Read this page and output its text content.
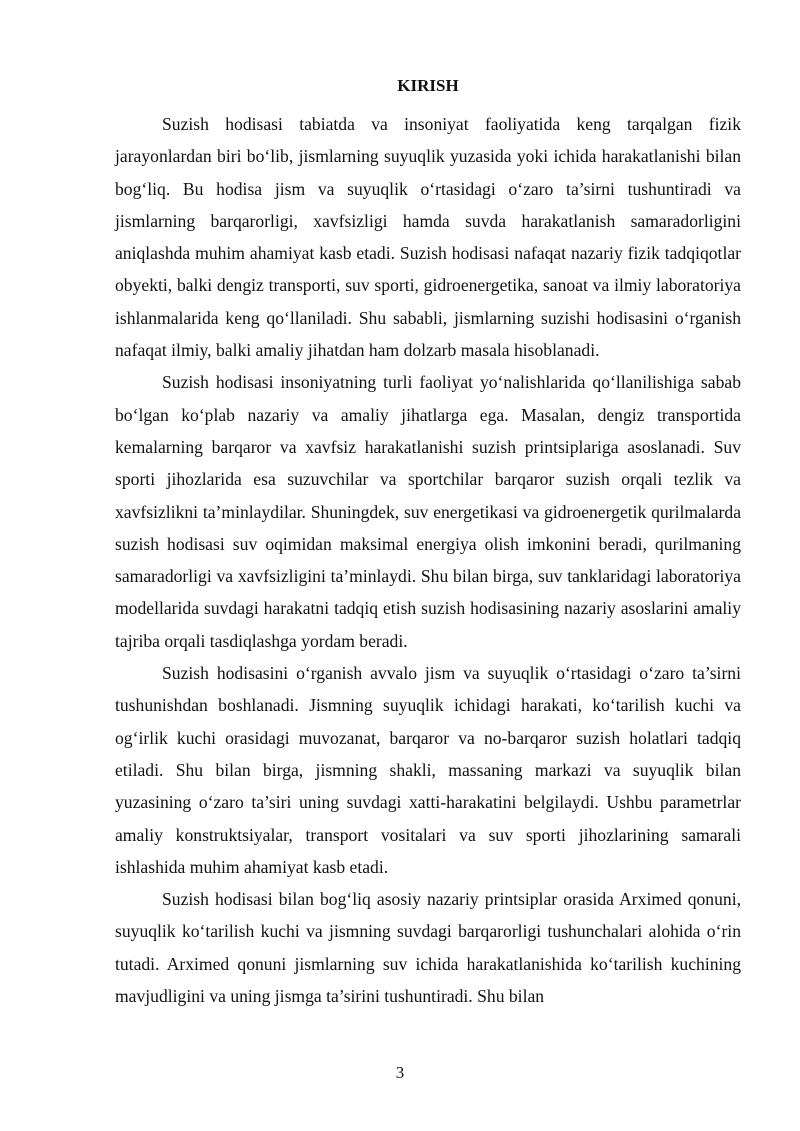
KIRISH

Suzish hodisasi tabiatda va insoniyat faoliyatida keng tarqalgan fizik jarayonlardan biri bo‘lib, jismlarning suyuqlik yuzasida yoki ichida harakatlanishi bilan bog‘liq. Bu hodisa jism va suyuqlik o‘rtasidagi o‘zaro ta’sirni tushuntiradi va jismlarning barqarorligi, xavfsizligi hamda suvda harakatlanish samaradorligini aniqlashda muhim ahamiyat kasb etadi. Suzish hodisasi nafaqat nazariy fizik tadqiqotlar obyekti, balki dengiz transporti, suv sporti, gidroenergetika, sanoat va ilmiy laboratoriya ishlanmalarida keng qo‘llaniladi. Shu sababli, jismlarning suzishi hodisasini o‘rganish nafaqat ilmiy, balki amaliy jihatdan ham dolzarb masala hisoblanadi.

Suzish hodisasi insoniyatning turli faoliyat yo‘nalishlarida qo‘llanilishiga sabab bo‘lgan ko‘plab nazariy va amaliy jihatlarga ega. Masalan, dengiz transportida kemalarning barqaror va xavfsiz harakatlanishi suzish printsiplariga asoslanadi. Suv sporti jihozlarida esa suzuvchilar va sportchilar barqaror suzish orqali tezlik va xavfsizlikni ta’minlaydilar. Shuningdek, suv energetikasi va gidroenergetik qurilmalarda suzish hodisasi suv oqimidan maksimal energiya olish imkonini beradi, qurilmaning samaradorligi va xavfsizligini ta’minlaydi. Shu bilan birga, suv tanklaridagi laboratoriya modellarida suvdagi harakatni tadqiq etish suzish hodisasining nazariy asoslarini amaliy tajriba orqali tasdiqlashga yordam beradi.

Suzish hodisasini o‘rganish avvalo jism va suyuqlik o‘rtasidagi o‘zaro ta’sirni tushunishdan boshlanadi. Jismning suyuqlik ichidagi harakati, ko‘tarilish kuchi va og‘irlik kuchi orasidagi muvozanat, barqaror va no-barqaror suzish holatlari tadqiq etiladi. Shu bilan birga, jismning shakli, massaning markazi va suyuqlik bilan yuzasining o‘zaro ta’siri uning suvdagi xatti-harakatini belgilaydi. Ushbu parametrlar amaliy konstruktsiyalar, transport vositalari va suv sporti jihozlarining samarali ishlashida muhim ahamiyat kasb etadi.

Suzish hodisasi bilan bog‘liq asosiy nazariy printsiplar orasida Arximed qonuni, suyuqlik ko‘tarilish kuchi va jismning suvdagi barqarorligi tushunchalari alohida o‘rin tutadi. Arximed qonuni jismlarning suv ichida harakatlanishida ko‘tarilish kuchining mavjudligini va uning jismga ta’sirini tushuntiradi. Shu bilan

3
